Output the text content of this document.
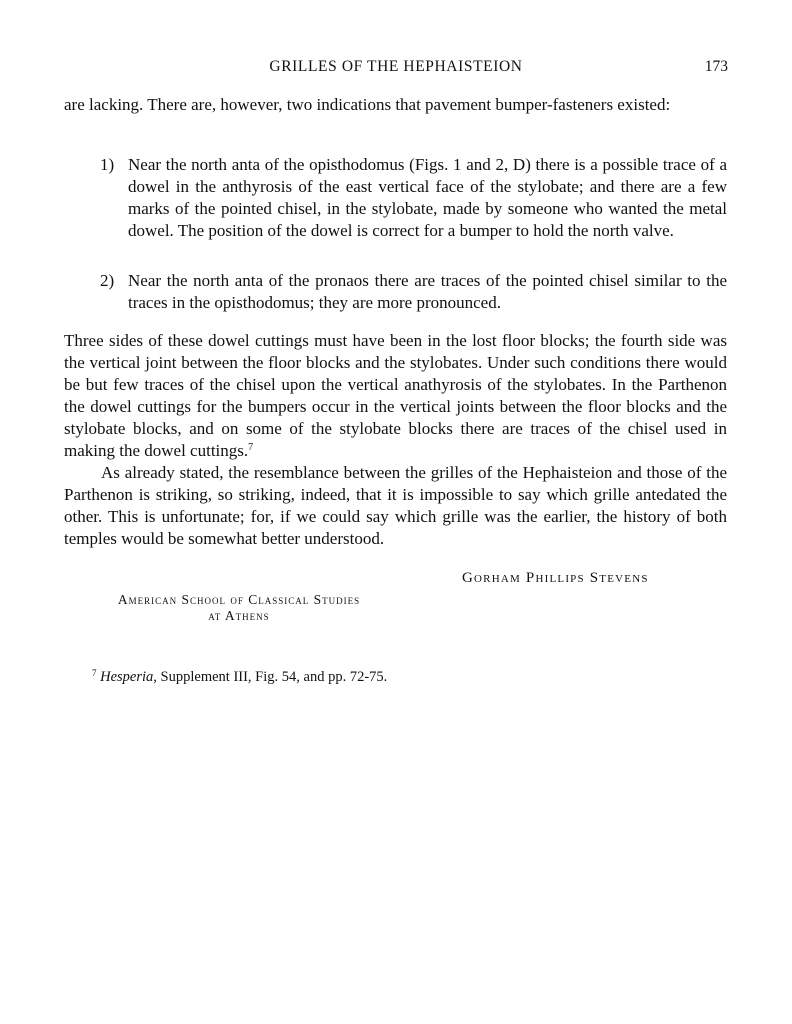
GRILLES OF THE HEPHAISTEION	173
are lacking. There are, however, two indications that pavement bumper-fasteners existed:
1) Near the north anta of the opisthodomus (Figs. 1 and 2, D) there is a possible trace of a dowel in the anthyrosis of the east vertical face of the stylobate; and there are a few marks of the pointed chisel, in the stylobate, made by someone who wanted the metal dowel. The position of the dowel is correct for a bumper to hold the north valve.
2) Near the north anta of the pronaos there are traces of the pointed chisel similar to the traces in the opisthodomus; they are more pronounced.
Three sides of these dowel cuttings must have been in the lost floor blocks; the fourth side was the vertical joint between the floor blocks and the stylobates. Under such conditions there would be but few traces of the chisel upon the vertical anathyrosis of the stylobates. In the Parthenon the dowel cuttings for the bumpers occur in the vertical joints between the floor blocks and the stylobate blocks, and on some of the stylobate blocks there are traces of the chisel used in making the dowel cuttings.$^7$
As already stated, the resemblance between the grilles of the Hephaisteion and those of the Parthenon is striking, so striking, indeed, that it is impossible to say which grille antedated the other. This is unfortunate; for, if we could say which grille was the earlier, the history of both temples would be somewhat better understood.
Gorham Phillips Stevens
American School of Classical Studies
at Athens
$^7$ Hesperia, Supplement III, Fig. 54, and pp. 72-75.
